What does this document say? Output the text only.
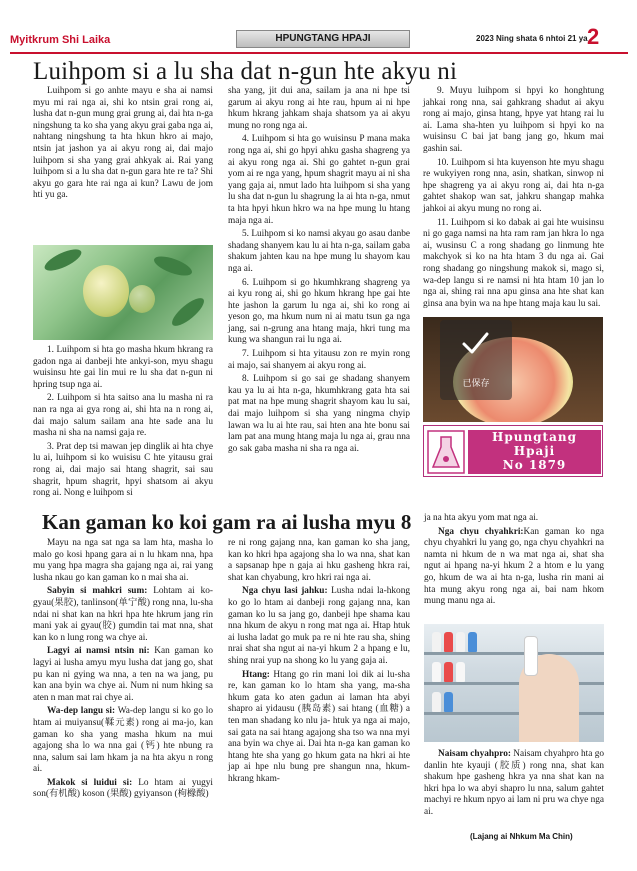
Myitkrum Shi Laika	HPUNGTANG HPAJI	2023 Ning shata 6 nhtoi 21 ya 2
Luihpom si a lu sha dat n-gun hte akyu ni

Luihpom si go anhte mayu e sha ai namsi myu mi rai nga ai, shi ko ntsin grai rong ai, lusha dat n-gun mung grai grung ai, dai hta n-ga ningshung ta ko sha yang akyu grai gaba nga ai, nahtang ningshung ta hta hkun hkro ai majo, ntsin jat jashon ya ai akyu rong ai, dai majo luihpom si sha yang grai ahkyak ai. Rai yang luihpom si a lu sha dat n-gun gara hte re ta? Shi akyu go gara hte rai nga ai kun? Lawu de jom hti yu ga.

1. Luihpom si hta go masha hkum hkrang ra gadon nga ai danbeji hte ankyi-son, myu shagu wuisinsu hte gai lin mui re lu sha dat n-gun ni hpring tsup nga ai.

2. Luihpom si hta saitso ana lu masha ni ra nan ra nga ai gya rong ai, shi hta na n rong ai, dai majo salum sailam ana hte sade ana lu masha ni sha na namsi gaja re.

3. Prat dep tsi mawan jep dinglik ai hta chye lu ai, luihpom si ko wuisisu C hte yitausu grai rong ai, dai majo sai htang shagrit, sai sau shagrit, hpum shagrit, hpyi shatsom ai akyu rong ai. Nong e luihpom si

sha yang, jit dui ana, sailam ja ana ni hpe tsi garum ai akyu rong ai hte rau, hpum ai ni hpe hkum hkrang jahkam shaja shatsom ya ai akyu mung no rong nga ai.

4. Luihpom si hta go wuisinsu P mana maka rong nga ai, shi go hpyi ahku gasha shagreng ya ai akyu rong nga ai. Shi go gahtet n-gun grai yom ai re nga yang, hpum shagrit mayu ai ni sha yang gaja ai, nmut lado hta luihpom si sha yang lu sha dat n-gun lu shagrung la ai hta n-ga, nmut ta hta hpyi hkun hkro wa na hpe mung lu htang maja nga ai.

5. Luihpom si ko namsi akyau go asau danbe shadang shanyem kau lu ai hta n-ga, sailam gaba shakum jahten kau na hpe mung lu shayom kau nga ai.

6. Luihpom si go hkumhkrang shagreng ya ai kyu rong ai, shi go hkum hkrang hpe gai hte hte jashon la garum lu nga ai, shi ko rong ai yeson go, ma hkum num ni ai matu tsun ga nga jang, sai n-grung ana htang maja, hkri tung ma kung wa shangun rai lu nga ai.

7. Luihpom si hta yitausu zon re myin rong ai majo, sai shanyem ai akyu rong ai.

8. Luihpom si go sai ge shadang shanyem kau ya lu ai hta n-ga, hkumhkrang gata hta sai pat mat na hpe mung shagrit shayom kau lu sai, dai majo luihpom si sha yang ningma chyip lawan wa lu ai hte rau, sai hten ana hte bonu sai lam pat ana mung htang maja lu nga ai, grau nna go sak gaba masha ni sha ra nga ai.

9. Muyu luihpom si hpyi ko honghtung jahkai rong nna, sai gahkrang shadut ai akyu rong ai majo, ginsa htang, hpye yat htang rai lu ai. Lama sha-hten yu luihpom si hpyi ko na wuisinsu C bai jat bang jang go, hkum mai gashin sai.

10. Luihpom si hta kuyenson hte myu shagu re wukyiyen rong nna, asin, shatkan, sinwop ni hpe shagreng ya ai akyu rong ai, dai hta n-ga gahtet shakop wan sat, jahkru shangap mahka jahkoi ai akyu mung no rong ai.

11. Luihpom si ko dabak ai gai hte wuisinsu ni go gaga namsi na hta ram ram jan hkra lo nga ai, wusinsu C a rong shadang go linmung hte makchyok si ko na hta htam 3 du nga ai. Gai rong shadang go ningshung makok si, mago si, wa-dep langu si re namsi ni hta htam 10 jan lo nga ai, shing rai nna apu ginsa ana hte shat kan ginsa ana byin wa na hpe htang maja kau lu sai.

已保存
Hpungtang
Hpaji
No 1879
Kan gaman ko koi gam ra ai lusha myu 8

Mayu na nga sat nga sa lam hta, masha lo malo go kosi hpang gara ai n lu hkam nna, hpa mu yang hpa magra sha gajang nga ai, rai yang lusha nkau go kan gaman ko n mai sha ai.

Sabyin si mahkri sum: Lohtam ai ko-gyau(果胶), tanlinson(单宁酸) rong nna, lu-sha ndai ni shat kan na hkri hpa hte hkrum jang rin mani yak ai gyau(胶) gumdin tai mat nna, shat kan ko n lung rong wa chye ai.

Lagyi ai namsi ntsin ni: Kan gaman ko lagyi ai lusha amyu myu lusha dat jang go, shat pu kan ni gying wa nna, a ten na wa jang, pu kan ana byin wa chye ai. Num ni num hking sa aten n man mat rai chye ai.

Wa-dep langu si: Wa-dep langu si ko go lo htam ai muiyansu(鞣元素) rong ai ma-jo, kan gaman ko sha yang masha hkum na mui agajong sha lo wa nna gai (钙) hte nbung ra nna, salum sai lam hkam ja na hta akyu n rong ai.

Makok si luidui si: Lo htam ai yugyi son(有机酸) koson (果酸) gyiyanson (枸橼酸)

re ni rong gajang nna, kan gaman ko sha jang, kan ko hkri hpa agajong sha lo wa nna, shat kan a sapsanap hpe n gaja ai hku gasheng hkra rai, shat kan chyabung, kro hkri rai nga ai.

Nga chyu lasi jahku: Lusha ndai la-hkong ko go lo htam ai danbeji rong gajang nna, kan gaman ko lu sa jang go, danbeji hpe shama kau nna hkum de akyu n rong mat nga ai. Htap htuk ai lusha ladat go muk pa re ni hte rau sha, shing nrai shat sha ngut ai na-yi hkum 2 a hpang e lu, shing nrai yup na shong ko lu yang gaja ai.

Htang: Htang go rin mani loi dik ai lu-sha re, kan gaman ko lo htam sha yang, ma-sha hkum gata ko aten gadun ai laman hta abyi shapro ai yidausu (胰岛素) sai htang (血糖) a ten man shadang ko nlu ja- htuk ya nga ai majo, sai gata na sai htang agajong sha tso wa nna myi ana byin wa chye ai. Dai hta n-ga kan gaman ko htang hte sha yang go hkum gata na hkri ai hte jap ai hpe nlu bung pre shangun nna, hkum- hkrang hkam-

ja na hta akyu yom mat nga ai.

Nga chyu chyahkri:Kan gaman ko nga chyu chyahkri lu yang go, nga chyu chyahkri na namta ni hkum de n wa mat nga ai, shat sha ngut ai hpang na-yi hkum 2 a htom e lu yang go, hkum de wa ai hta n-ga, lusha rin mani ai hta mung akyu rong nga ai, bai nam hkom mung manu nga ai.

Naisam chyahpro: Naisam chyahpro hta go danlin hte kyauji (胶质) rong nna, shat kan shakum hpe gasheng hkra ya nna shat kan na hkri hpa lo wa abyi shapro lu nna, salum gahtet machyi re hkum npyo ai lam ni pru wa chye nga ai.

(Lajang ai Nhkum Ma Chin)
